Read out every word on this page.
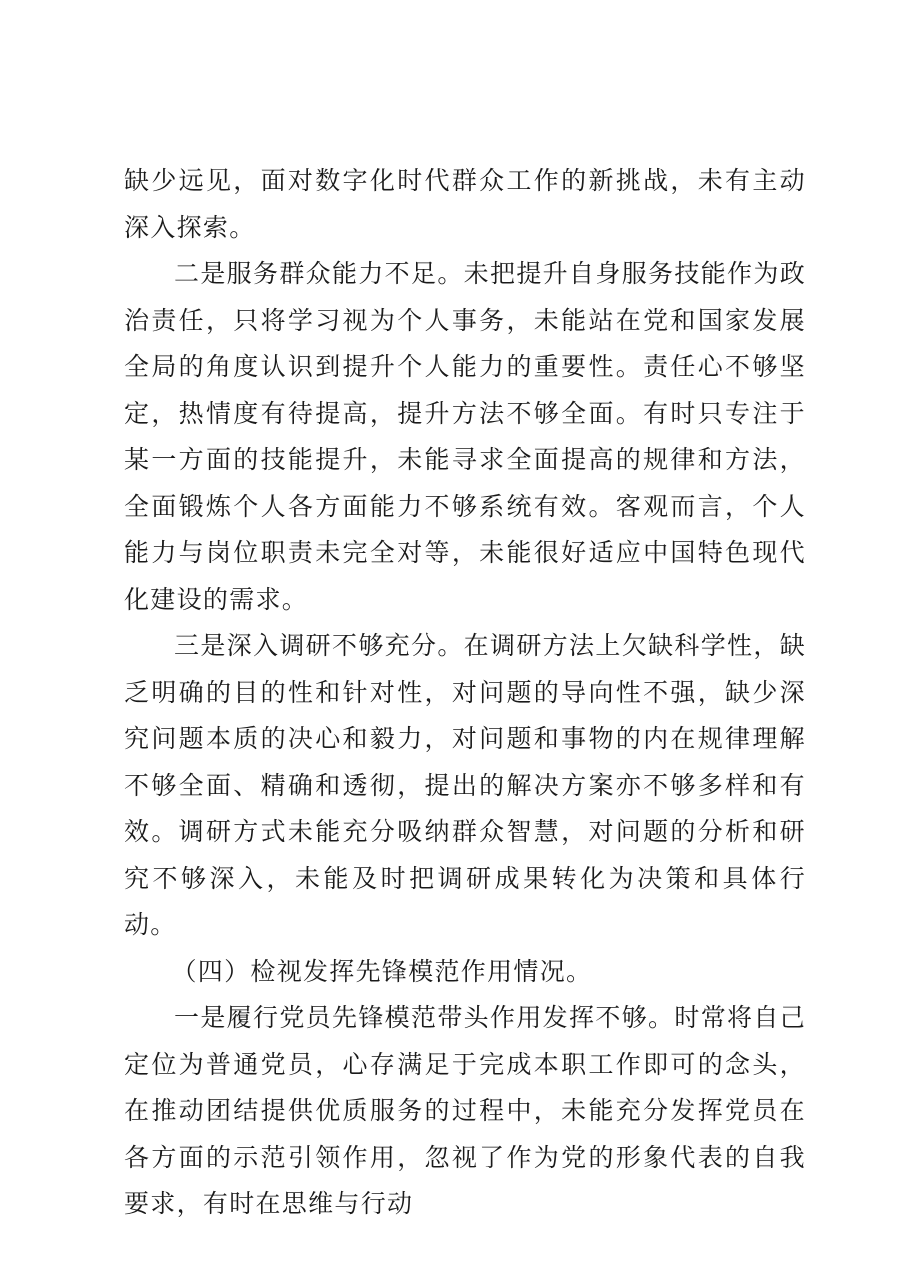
缺少远见，面对数字化时代群众工作的新挑战，未有主动深入探索。

二是服务群众能力不足。未把提升自身服务技能作为政治责任，只将学习视为个人事务，未能站在党和国家发展全局的角度认识到提升个人能力的重要性。责任心不够坚定，热情度有待提高，提升方法不够全面。有时只专注于某一方面的技能提升，未能寻求全面提高的规律和方法，全面锻炼个人各方面能力不够系统有效。客观而言，个人能力与岗位职责未完全对等，未能很好适应中国特色现代化建设的需求。

三是深入调研不够充分。在调研方法上欠缺科学性，缺乏明确的目的性和针对性，对问题的导向性不强，缺少深究问题本质的决心和毅力，对问题和事物的内在规律理解不够全面、精确和透彻，提出的解决方案亦不够多样和有效。调研方式未能充分吸纳群众智慧，对问题的分析和研究不够深入，未能及时把调研成果转化为决策和具体行动。

（四）检视发挥先锋模范作用情况。

一是履行党员先锋模范带头作用发挥不够。时常将自己定位为普通党员，心存满足于完成本职工作即可的念头，在推动团结提供优质服务的过程中，未能充分发挥党员在各方面的示范引领作用，忽视了作为党的形象代表的自我要求，有时在思维与行动
